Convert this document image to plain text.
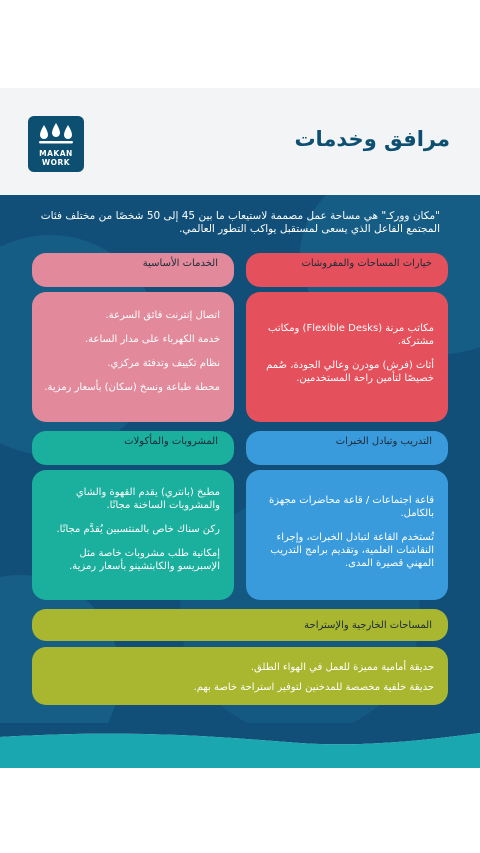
MAKAN
WORK
مرافق وخدمات
"مكان ووركـ" هي مساحة عمل مصممة لاستيعاب ما بين 45 إلى 50 شخصًا من مختلف فئات المجتمع الفاعل الذي يسعى لمستقبل يواكب التطور العالمي.
خيارات المساحات والمفروشات
الخدمات الأساسية

مكاتب مرنة (Flexible Desks) ومكاتب مشتركة.

أثاث (فرش) مودرن وعالي الجودة، صُمم خصيصًا لتأمين راحة المستخدمين.

اتصال إنترنت فائق السرعة.

خدمة الكهرباء على مدار الساعة.

نظام تكييف وتدفئة مركزي.

محطة طباعة ونسخ (سكان) بأسعار رمزية.

التدريب وتبادل الخبرات
المشروبات والمأكولات

قاعة اجتماعات / قاعة محاضرات مجهزة بالكامل.

تُستخدم القاعة لتبادل الخبرات، وإجراء النقاشات العلمية، وتقديم برامج التدريب المهني قصيرة المدى.

مطبخ (بانتري) يقدم القهوة والشاي والمشروبات الساخنة مجانًا.

ركن سناك خاص بالمنتسبين يُقدَّم مجانًا.

إمكانية طلب مشروبات خاصة مثل الإسبريسو والكابتشينو بأسعار رمزية.

المساحات الخارجية والإستراحة

حديقة أمامية مميزة للعمل في الهواء الطلق.

حديقة خلفية مخصصة للمدخنين لتوفير استراحة خاصة بهم.
